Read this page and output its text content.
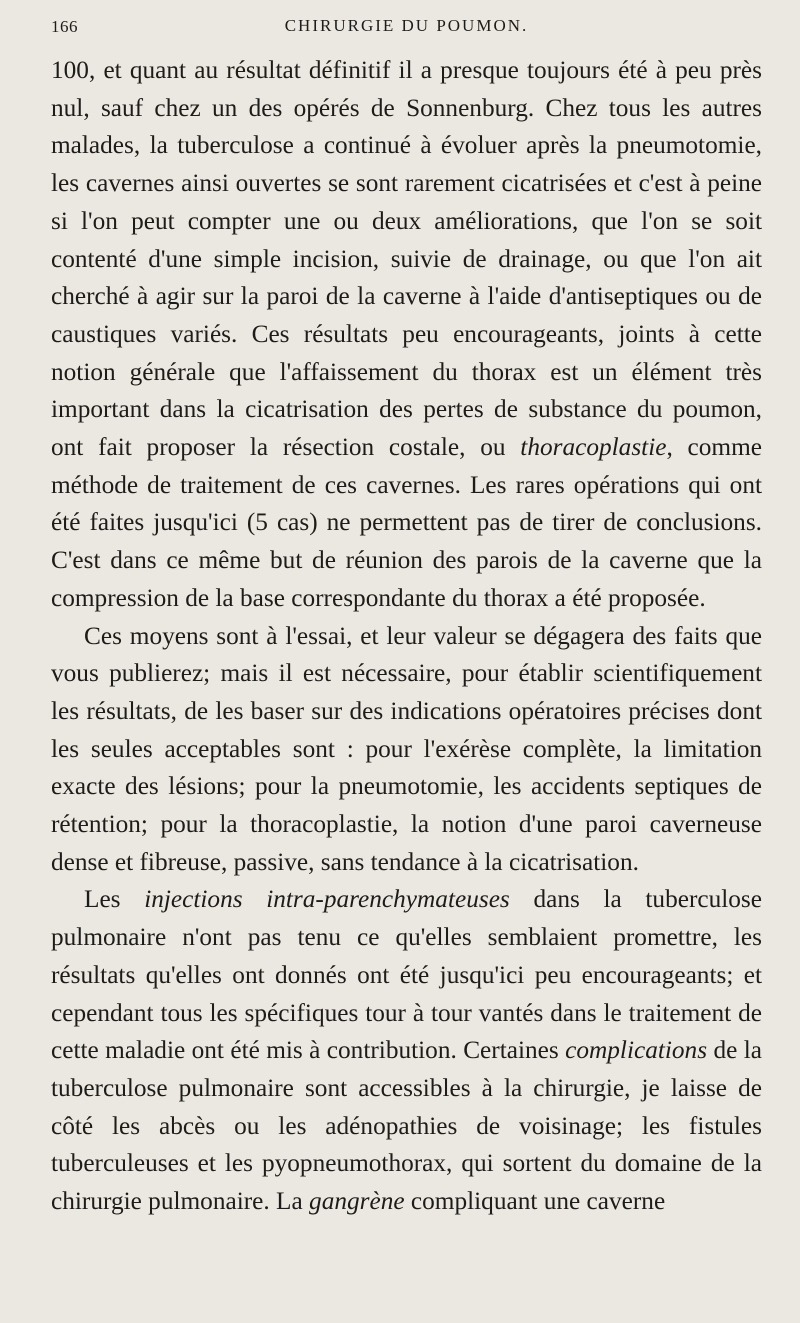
166	CHIRURGIE DU POUMON.

100, et quant au résultat définitif il a presque toujours été à peu près nul, sauf chez un des opérés de Sonnenburg. Chez tous les autres malades, la tuberculose a continué à évoluer après la pneumotomie, les cavernes ainsi ouvertes se sont rarement cicatrisées et c'est à peine si l'on peut compter une ou deux améliorations, que l'on se soit contenté d'une simple incision, suivie de drainage, ou que l'on ait cherché à agir sur la paroi de la caverne à l'aide d'antiseptiques ou de caustiques variés. Ces résultats peu encourageants, joints à cette notion générale que l'affaissement du thorax est un élément très important dans la cicatrisation des pertes de substance du poumon, ont fait proposer la résection costale, ou thoracoplastie, comme méthode de traitement de ces cavernes. Les rares opérations qui ont été faites jusqu'ici (5 cas) ne permettent pas de tirer de conclusions. C'est dans ce même but de réunion des parois de la caverne que la compression de la base correspondante du thorax a été proposée.

Ces moyens sont à l'essai, et leur valeur se dégagera des faits que vous publierez; mais il est nécessaire, pour établir scientifiquement les résultats, de les baser sur des indications opératoires précises dont les seules acceptables sont : pour l'exérèse complète, la limitation exacte des lésions; pour la pneumotomie, les accidents septiques de rétention; pour la thoracoplastie, la notion d'une paroi caverneuse dense et fibreuse, passive, sans tendance à la cicatrisation.

Les injections intra-parenchymateuses dans la tuberculose pulmonaire n'ont pas tenu ce qu'elles semblaient promettre, les résultats qu'elles ont donnés ont été jusqu'ici peu encourageants; et cependant tous les spécifiques tour à tour vantés dans le traitement de cette maladie ont été mis à contribution. Certaines complications de la tuberculose pulmonaire sont accessibles à la chirurgie, je laisse de côté les abcès ou les adénopathies de voisinage; les fistules tuberculeuses et les pyopneumothorax, qui sortent du domaine de la chirurgie pulmonaire. La gangrène compliquant une caverne
